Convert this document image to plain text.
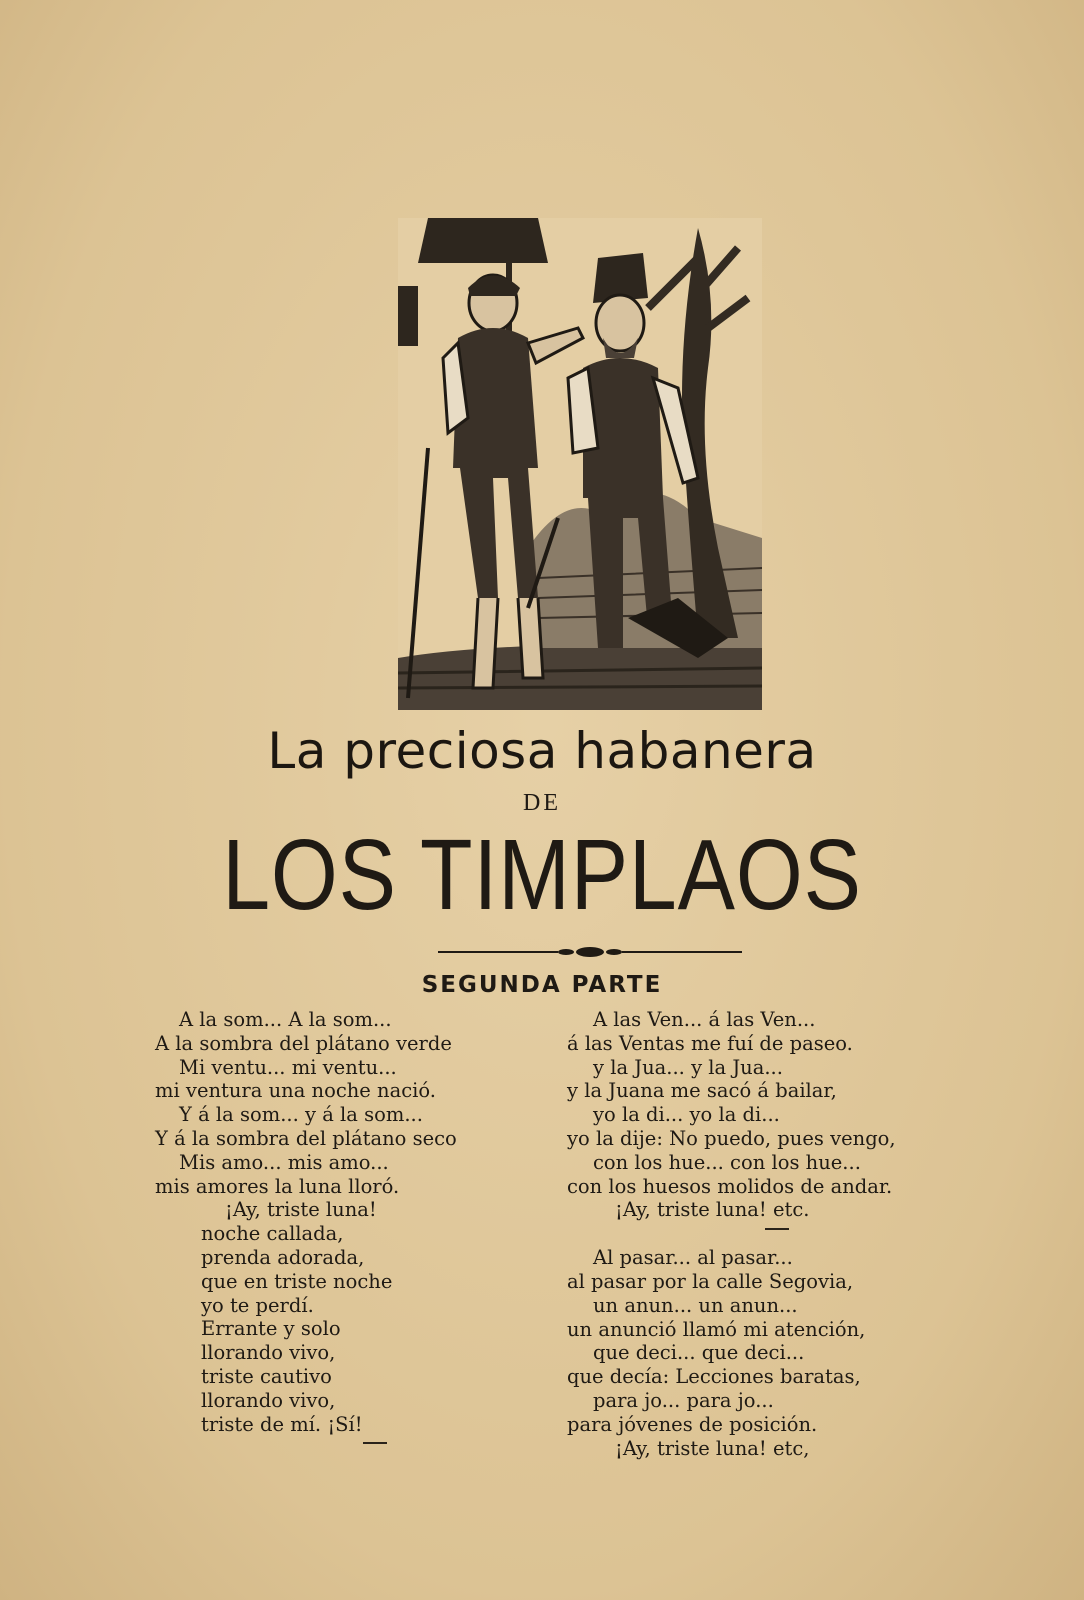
La preciosa habanera
DE
LOS TIMPLAOS
SEGUNDA PARTE
A la som... A la som...
A la sombra del plátano verde
Mi ventu... mi ventu...
mi ventura una noche nació.
Y á la som... y á la som...
Y á la sombra del plátano seco
Mis amo... mis amo...
mis amores la luna lloró.
¡Ay, triste luna!
noche callada,
prenda adorada,
que en triste noche
yo te perdí.
Errante y solo
llorando vivo,
triste cautivo
llorando vivo,
triste de mí. ¡Sí!
A las Ven... á las Ven...
á las Ventas me fuí de paseo.
y la Jua... y la Jua...
y la Juana me sacó á bailar,
yo la di... yo la di...
yo la dije: No puedo, pues vengo,
con los hue... con los hue...
con los huesos molidos de andar.
¡Ay, triste luna! etc.
Al pasar... al pasar...
al pasar por la calle Segovia,
un anun... un anun...
un anunció llamó mi atención,
que deci... que deci...
que decía: Lecciones baratas,
para jo... para jo...
para jóvenes de posición.
¡Ay, triste luna! etc,
